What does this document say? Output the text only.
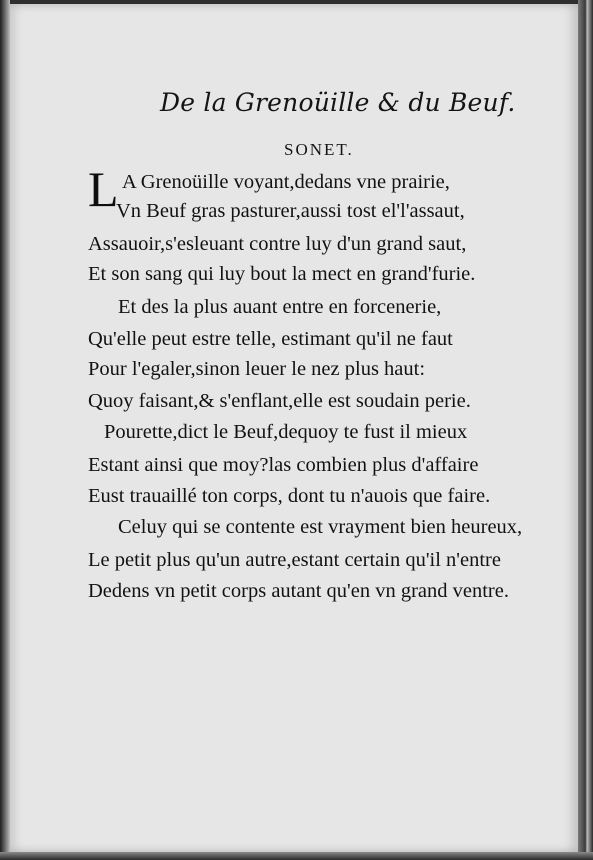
De la Grenoüille & du Beuf.
SONET.
L A Grenoüille voyant,dedans vne prairie,
Vn Beuf gras pasturer,aussi tost el'l'assaut,
Assauoir,s'esleuant contre luy d'un grand saut,
Et son sang qui luy bout la mect en grand'furie.
Et des la plus auant entre en forcenerie,
Qu'elle peut estre telle, estimant qu'il ne faut
Pour l'egaler,sinon leuer le nez plus haut:
Quoy faisant,& s'enflant,elle est soudain perie.
Pourette,dict le Beuf,dequoy te fust il mieux
Estant ainsi que moy?las combien plus d'affaire
Eust trauaillé ton corps, dont tu n'auois que faire.
Celuy qui se contente est vrayment bien heureux,
Le petit plus qu'un autre,estant certain qu'il n'entre
Dedens vn petit corps autant qu'en vn grand ventre.
